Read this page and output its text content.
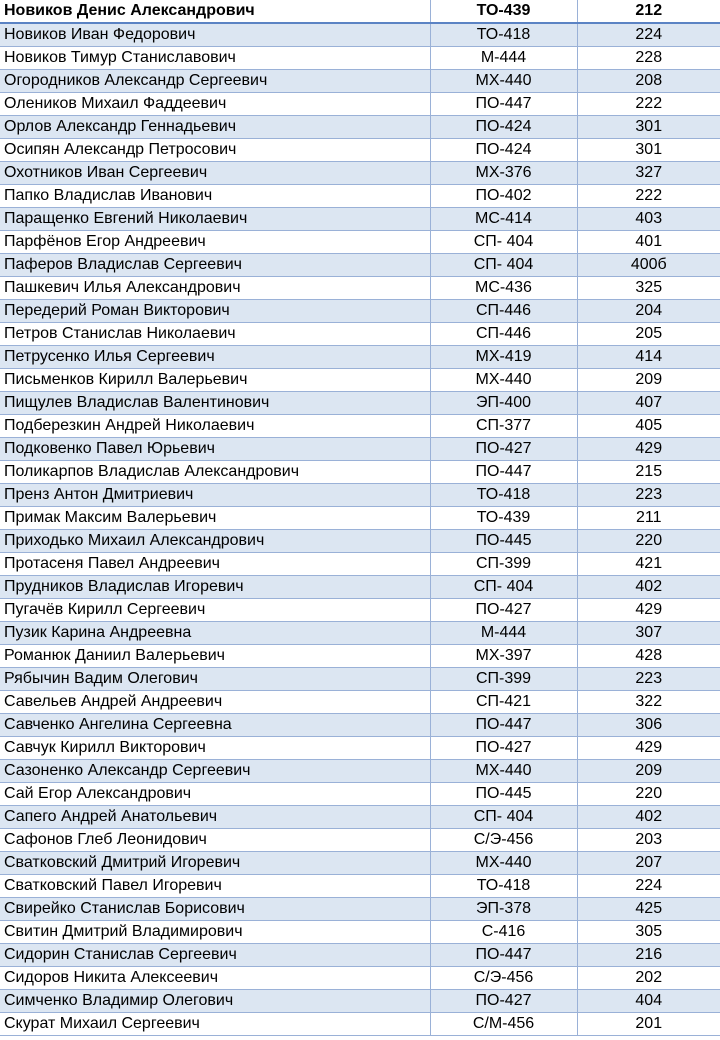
Новиков Денис Александрович	ТО-439	212
Новиков Иван Федорович	ТО-418	224
Новиков Тимур Станиславович	М-444	228
Огородников Александр Сергеевич	МХ-440	208
Олеников Михаил Фаддеевич	ПО-447	222
Орлов Александр Геннадьевич	ПО-424	301
Осипян Александр Петросович	ПО-424	301
Охотников Иван Сергеевич	МХ-376	327
Папко Владислав Иванович	ПО-402	222
Паращенко Евгений Николаевич	МС-414	403
Парфёнов Егор Андреевич	СП- 404	401
Паферов Владислав Сергеевич	СП- 404	400б
Пашкевич Илья Александрович	МС-436	325
Передерий Роман Викторович	СП-446	204
Петров Станислав Николаевич	СП-446	205
Петрусенко Илья Сергеевич	МХ-419	414
Письменков Кирилл Валерьевич	МХ-440	209
Пищулев Владислав Валентинович	ЭП-400	407
Подберезкин Андрей Николаевич	СП-377	405
Подковенко Павел Юрьевич	ПО-427	429
Поликарпов Владислав Александрович	ПО-447	215
Пренз Антон Дмитриевич	ТО-418	223
Примак Максим Валерьевич	ТО-439	211
Приходько Михаил Александрович	ПО-445	220
Протасеня Павел Андреевич	СП-399	421
Прудников Владислав Игоревич	СП- 404	402
Пугачёв Кирилл Сергеевич	ПО-427	429
Пузик Карина Андреевна	М-444	307
Романюк Даниил Валерьевич	МХ-397	428
Рябычин Вадим Олегович	СП-399	223
Савельев Андрей Андреевич	СП-421	322
Савченко Ангелина Сергеевна	ПО-447	306
Савчук Кирилл Викторович	ПО-427	429
Сазоненко Александр Сергеевич	МХ-440	209
Сай Егор Александрович	ПО-445	220
Сапего Андрей Анатольевич	СП- 404	402
Сафонов Глеб Леонидович	С/Э-456	203
Сватковский Дмитрий Игоревич	МХ-440	207
Сватковский Павел Игоревич	ТО-418	224
Свирейко Станислав Борисович	ЭП-378	425
Свитин Дмитрий Владимирович	С-416	305
Сидорин Станислав Сергеевич	ПО-447	216
Сидоров Никита Алексеевич	С/Э-456	202
Симченко Владимир Олегович	ПО-427	404
Скурат Михаил Сергеевич	С/М-456	201
